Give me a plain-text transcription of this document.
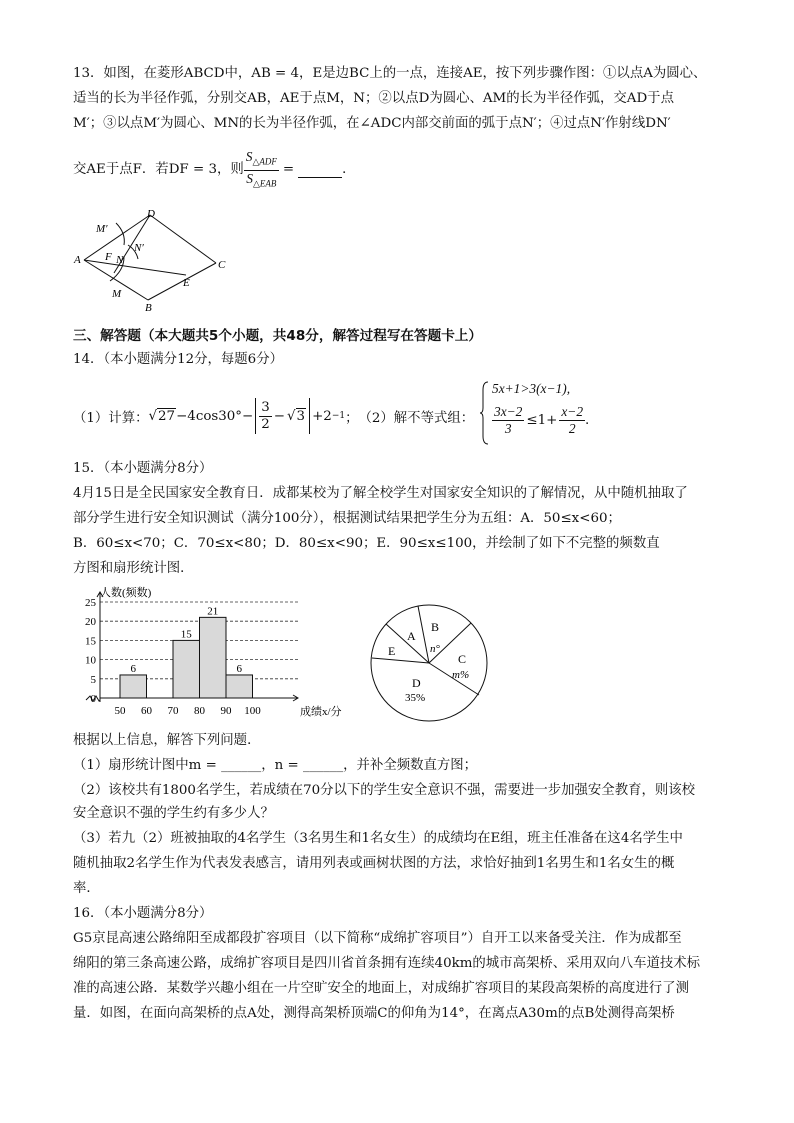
13．如图，在菱形ABCD中，AB = 4，E是边BC上的一点，连接AE，按下列步骤作图：①以点A为圆心、
适当的长为半径作弧，分别交AB，AE于点M，N；②以点D为圆心、AM的长为半径作弧，交AD于点
M′；③以点M′为圆心、MN的长为半径作弧，在∠ADC内部交前面的弧于点N′；④过点N′作射线DN′
交AE于点F．若DF = 3，则 $\frac{S_{\triangle ADF}}{S_{\triangle EAB}}$ =	．
A
B
C
D
E
F N
M
M′
N′
三、解答题（本大题共5个小题，共48分，解答过程写在答题卡上）
14．（本小题满分12分，每题6分）
（1）计算： √ $27 -4\cos 30^\circ- \frac{3}{2}$ − √ 3 +2 −1 ； （2）解不等式组：
5x+1>3(x−1),
$\frac{3x-2}{3} \le 1+ \frac{x-2}{2}$ .
15．（本小题满分8分）
4月15日是全民国家安全教育日．成都某校为了解全校学生对国家安全知识的了解情况，从中随机抽取了
部分学生进行安全知识测试（满分100分），根据测试结果把学生分为五组：A．50≤x<60；
B．60≤x<70；C．70≤x<80；D．80≤x<90；E．90≤x≤100，并绘制了如下不完整的频数直
方图和扇形统计图．
人数(频数)
0
5
10
15
20
25
50 60 70 80 90 100
6
15
21
6
成绩x/分
A
B
n°
C
m%
D
35%
E
根据以上信息，解答下列问题．
（1）扇形统计图中m = ______，n = ______，并补全频数直方图；
（2）该校共有1800名学生，若成绩在70分以下的学生安全意识不强，需要进一步加强安全教育，则该校
安全意识不强的学生约有多少人？
（3）若九（2）班被抽取的4名学生（3名男生和1名女生）的成绩均在E组，班主任准备在这4名学生中
随机抽取2名学生作为代表发表感言，请用列表或画树状图的方法，求恰好抽到1名男生和1名女生的概
率．
16．（本小题满分8分）
G5京昆高速公路绵阳至成都段扩容项目（以下简称“成绵扩容项目”）自开工以来备受关注．作为成都至
绵阳的第三条高速公路，成绵扩容项目是四川省首条拥有连续40km的城市高架桥、采用双向八车道技术标
准的高速公路．某数学兴趣小组在一片空旷安全的地面上，对成绵扩容项目的某段高架桥的高度进行了测
量．如图，在面向高架桥的点A处，测得高架桥顶端C的仰角为14°，在离点A30m的点B处测得高架桥
